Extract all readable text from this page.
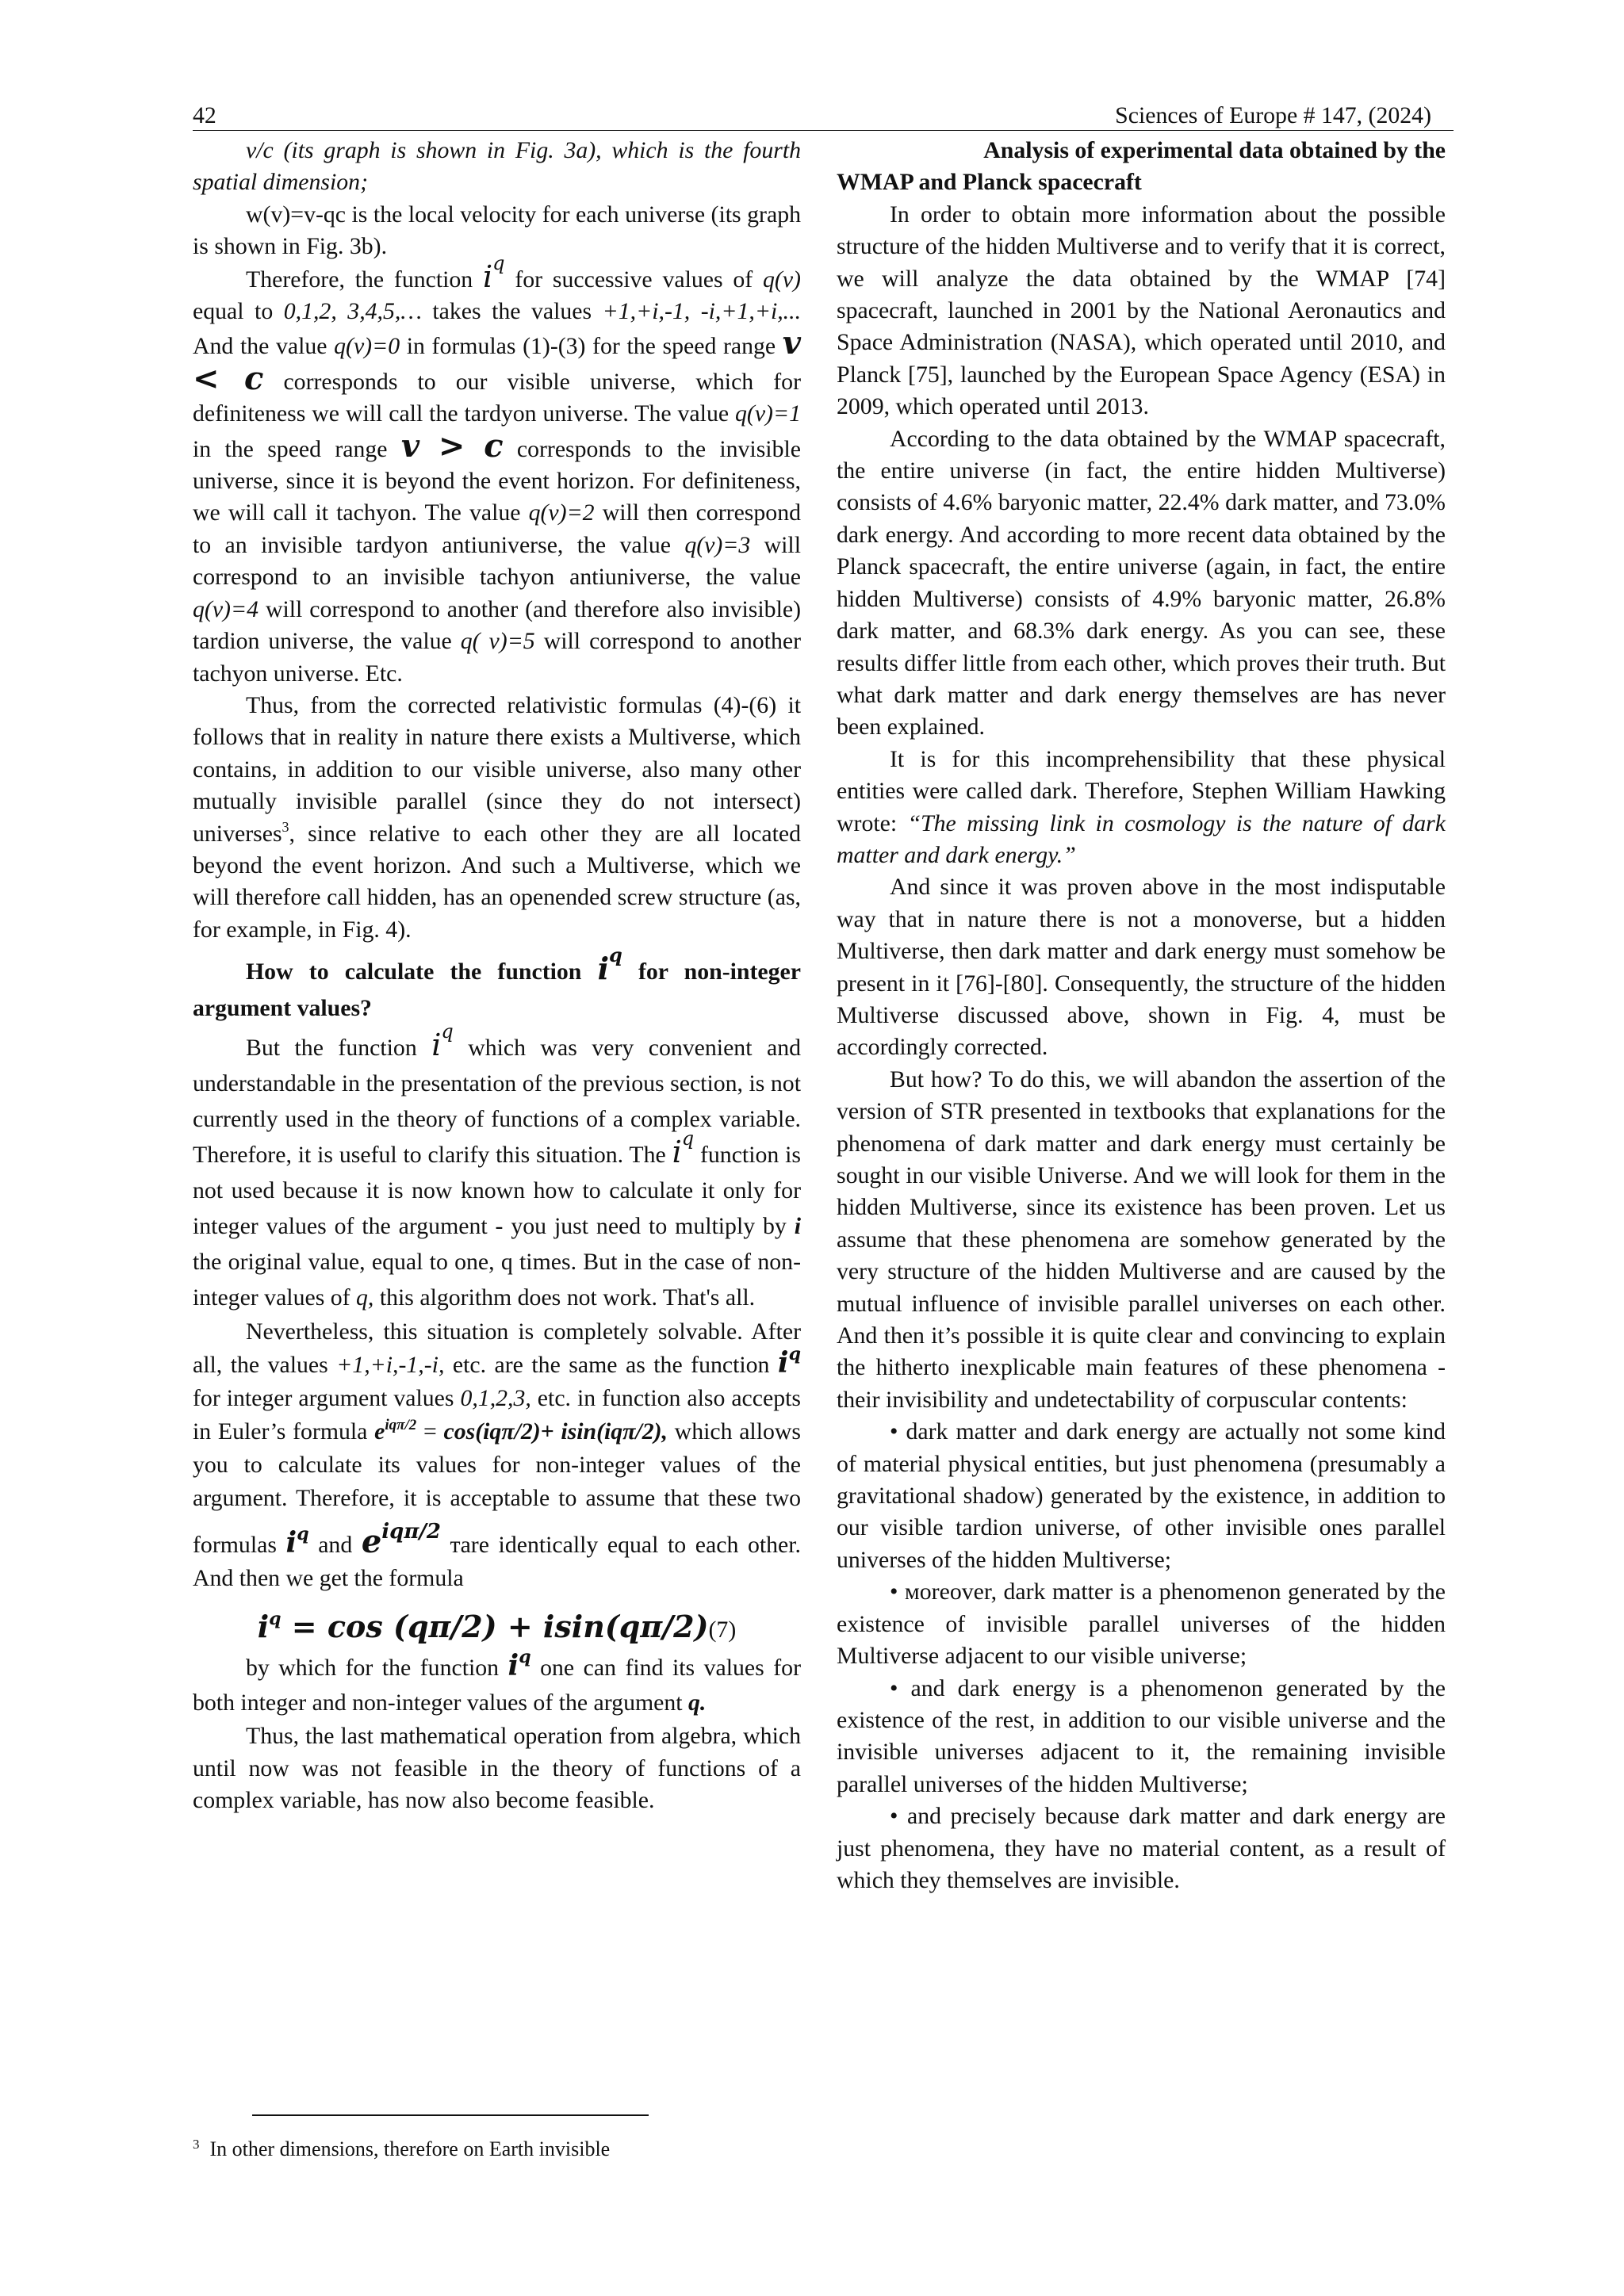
42	Sciences of Europe # 147, (2024)

v/c (its graph is shown in Fig. 3a), which is the fourth spatial dimension;

w(v)=v-qc is the local velocity for each universe (its graph is shown in Fig. 3b).

Therefore, the function $i^q$ for successive values of q(v) equal to 0,1,2, 3,4,5,… takes the values +1,+i,-1, -i,+1,+i,... And the value q(v)=0 in formulas (1)-(3) for the speed range v < c corresponds to our visible universe, which for definiteness we will call the tardyon universe. The value q(v)=1 in the speed range v > c corresponds to the invisible universe, since it is beyond the event horizon. For definiteness, we will call it tachyon. The value q(v)=2 will then correspond to an invisible tardyon antiuniverse, the value q(v)=3 will correspond to an invisible tachyon antiuniverse, the value q(v)=4 will correspond to another (and therefore also invisible) tardion universe, the value q( v)=5 will correspond to another tachyon universe. Etc.

Thus, from the corrected relativistic formulas (4)-(6) it follows that in reality in nature there exists a Multiverse, which contains, in addition to our visible universe, also many other mutually invisible parallel (since they do not intersect) universes$^3$, since relative to each other they are all located beyond the event horizon. And such a Multiverse, which we will therefore call hidden, has an openended screw structure (as, for example, in Fig. 4).

How to calculate the function $i^q$ for non-integer argument values?

But the function $i^q$ which was very convenient and understandable in the presentation of the previous section, is not currently used in the theory of functions of a complex variable. Therefore, it is useful to clarify this situation. The $i^q$ function is not used because it is now known how to calculate it only for integer values of the argument - you just need to multiply by i the original value, equal to one, q times. But in the case of non-integer values of q, this algorithm does not work. That's all.

Nevertheless, this situation is completely solvable. After all, the values +1,+i,-1,-i, etc. are the same as the function $i^q$ for integer argument values 0,1,2,3, etc. in function also accepts in Euler’s formula $e^{iq\pi/2} = \cos(iq\pi/2)+ isin(iq\pi/2)$, which allows you to calculate its values for non-integer values of the argument. Therefore, it is acceptable to assume that these two formulas $i^q$ and $e^{iq\pi/2}$ тare identically equal to each other. And then we get the formula

$i^q = \cos (q\pi/2) + isin(q\pi/2)(7)$

by which for the function $i^q$ one can find its values for both integer and non-integer values of the argument q.

Thus, the last mathematical operation from algebra, which until now was not feasible in the theory of functions of a complex variable, has now also become feasible.

$^3$ In other dimensions, therefore on Earth invisible
Analysis of experimental data obtained by the
WMAP and Planck spacecraft

In order to obtain more information about the possible structure of the hidden Multiverse and to verify that it is correct, we will analyze the data obtained by the WMAP [74] spacecraft, launched in 2001 by the National Aeronautics and Space Administration (NASA), which operated until 2010, and Planck [75], launched by the European Space Agency (ESA) in 2009, which operated until 2013.

According to the data obtained by the WMAP spacecraft, the entire universe (in fact, the entire hidden Multiverse) consists of 4.6% baryonic matter, 22.4% dark matter, and 73.0% dark energy. And according to more recent data obtained by the Planck spacecraft, the entire universe (again, in fact, the entire hidden Multiverse) consists of 4.9% baryonic matter, 26.8% dark matter, and 68.3% dark energy. As you can see, these results differ little from each other, which proves their truth. But what dark matter and dark energy themselves are has never been explained.

It is for this incomprehensibility that these physical entities were called dark. Therefore, Stephen William Hawking wrote: “The missing link in cosmology is the nature of dark matter and dark energy.”

And since it was proven above in the most indisputable way that in nature there is not a monoverse, but a hidden Multiverse, then dark matter and dark energy must somehow be present in it [76]-[80]. Consequently, the structure of the hidden Multiverse discussed above, shown in Fig. 4, must be accordingly corrected.

But how? To do this, we will abandon the assertion of the version of STR presented in textbooks that explanations for the phenomena of dark matter and dark energy must certainly be sought in our visible Universe. And we will look for them in the hidden Multiverse, since its existence has been proven. Let us assume that these phenomena are somehow generated by the very structure of the hidden Multiverse and are caused by the mutual influence of invisible parallel universes on each other. And then it’s possible it is quite clear and convincing to explain the hitherto inexplicable main features of these phenomena - their invisibility and undetectability of corpuscular contents:

• dark matter and dark energy are actually not some kind of material physical entities, but just phenomena (presumably a gravitational shadow) generated by the existence, in addition to our visible tardion universe, of other invisible ones parallel universes of the hidden Multiverse;

• мoreover, dark matter is a phenomenon generated by the existence of invisible parallel universes of the hidden Multiverse adjacent to our visible universe;

• and dark energy is a phenomenon generated by the existence of the rest, in addition to our visible universe and the invisible universes adjacent to it, the remaining invisible parallel universes of the hidden Multiverse;

• and precisely because dark matter and dark energy are just phenomena, they have no material content, as a result of which they themselves are invisible.
